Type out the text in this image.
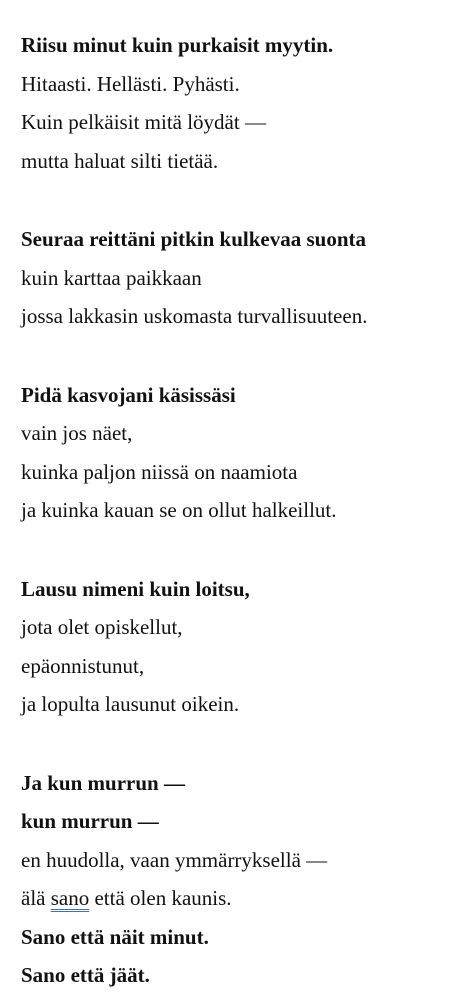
Riisu minut kuin purkaisit myytin.
Hitaasti. Hellästi. Pyhästi.
Kuin pelkäisit mitä löydät —
mutta haluat silti tietää.
Seuraa reittäni pitkin kulkevaa suonta
kuin karttaa paikkaan
jossa lakkasin uskomasta turvallisuuteen.
Pidä kasvojani käsissäsi
vain jos näet,
kuinka paljon niissä on naamiota
ja kuinka kauan se on ollut halkeillut.
Lausu nimeni kuin loitsu,
jota olet opiskellut,
epäonnistunut,
ja lopulta lausunut oikein.
Ja kun murrun —
kun murrun —
en huudolla, vaan ymmärryksellä —
älä sano että olen kaunis.
Sano että näit minut.
Sano että jäät.
